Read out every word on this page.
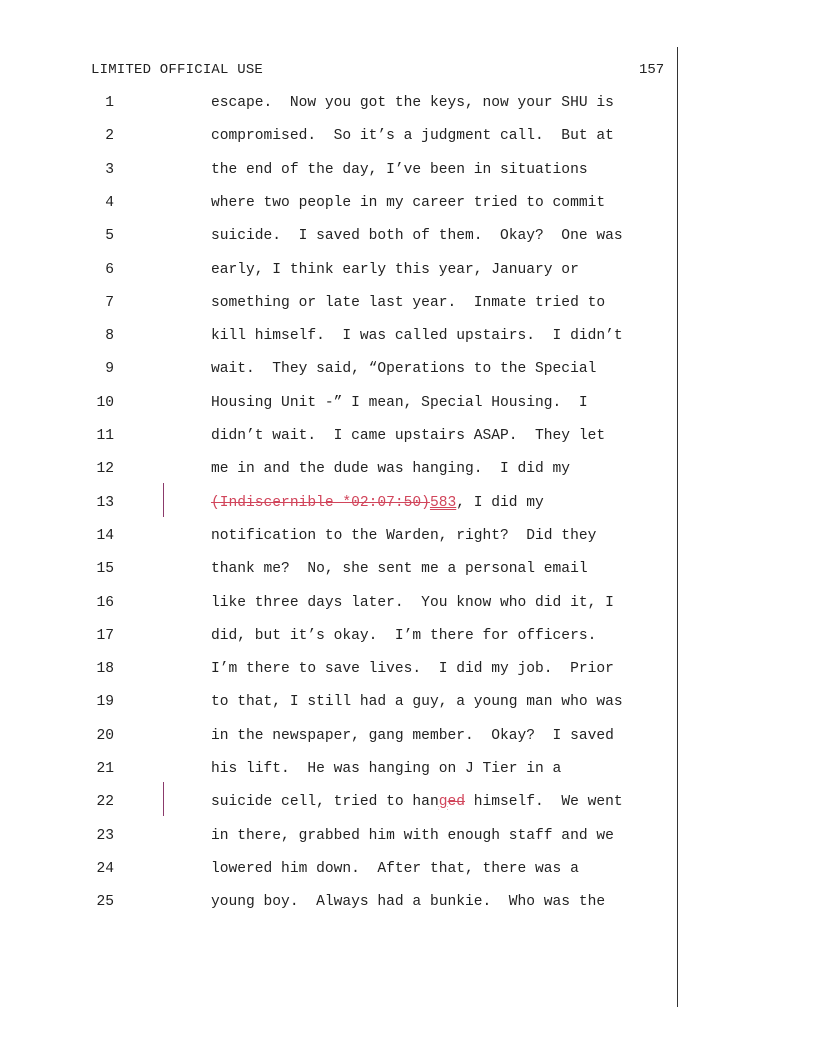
LIMITED OFFICIAL USE	157
1	escape.  Now you got the keys, now your SHU is
2	compromised.  So it’s a judgment call.  But at
3	the end of the day, I’ve been in situations
4	where two people in my career tried to commit
5	suicide.  I saved both of them.  Okay?  One was
6	early, I think early this year, January or
7	something or late last year.  Inmate tried to
8	kill himself.  I was called upstairs.  I didn’t
9	wait.  They said, “Operations to the Special
10	Housing Unit -” I mean, Special Housing.  I
11	didn’t wait.  I came upstairs ASAP.  They let
12	me in and the dude was hanging.  I did my
13	(Indiscernible *02:07:50)583, I did my
14	notification to the Warden, right?  Did they
15	thank me?  No, she sent me a personal email
16	like three days later.  You know who did it, I
17	did, but it’s okay.  I’m there for officers.
18	I’m there to save lives.  I did my job.  Prior
19	to that, I still had a guy, a young man who was
20	in the newspaper, gang member.  Okay?  I saved
21	his lift.  He was hanging on J Tier in a
22	suicide cell, tried to hanged himself.  We went
23	in there, grabbed him with enough staff and we
24	lowered him down.  After that, there was a
25	young boy.  Always had a bunkie.  Who was the
